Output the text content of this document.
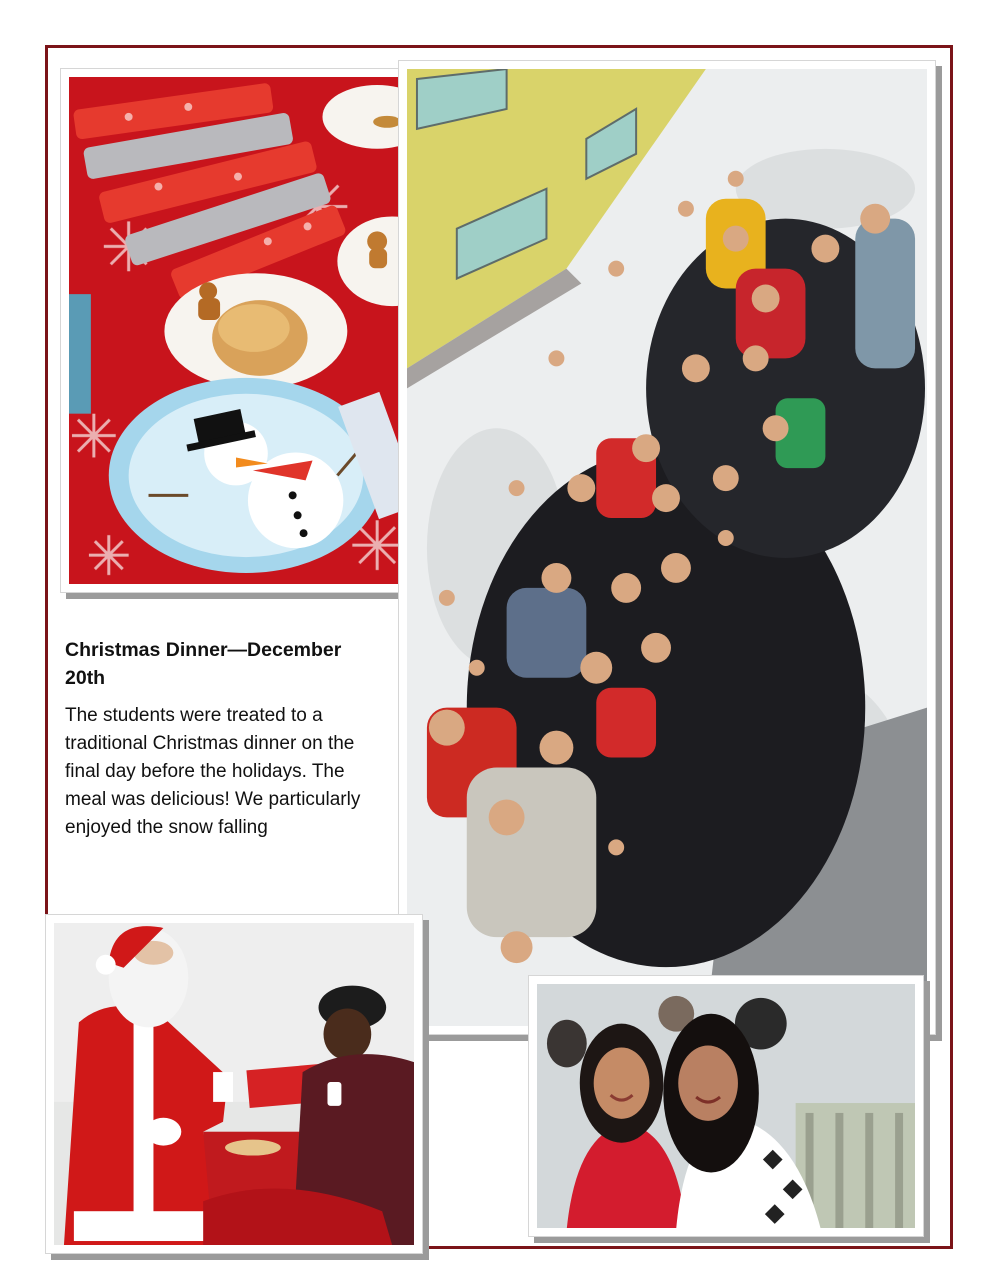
Christmas Dinner—December 20th

The students were treated to a traditional Christmas dinner on the final day before the holidays. The meal was delicious! We particularly enjoyed the snow falling
